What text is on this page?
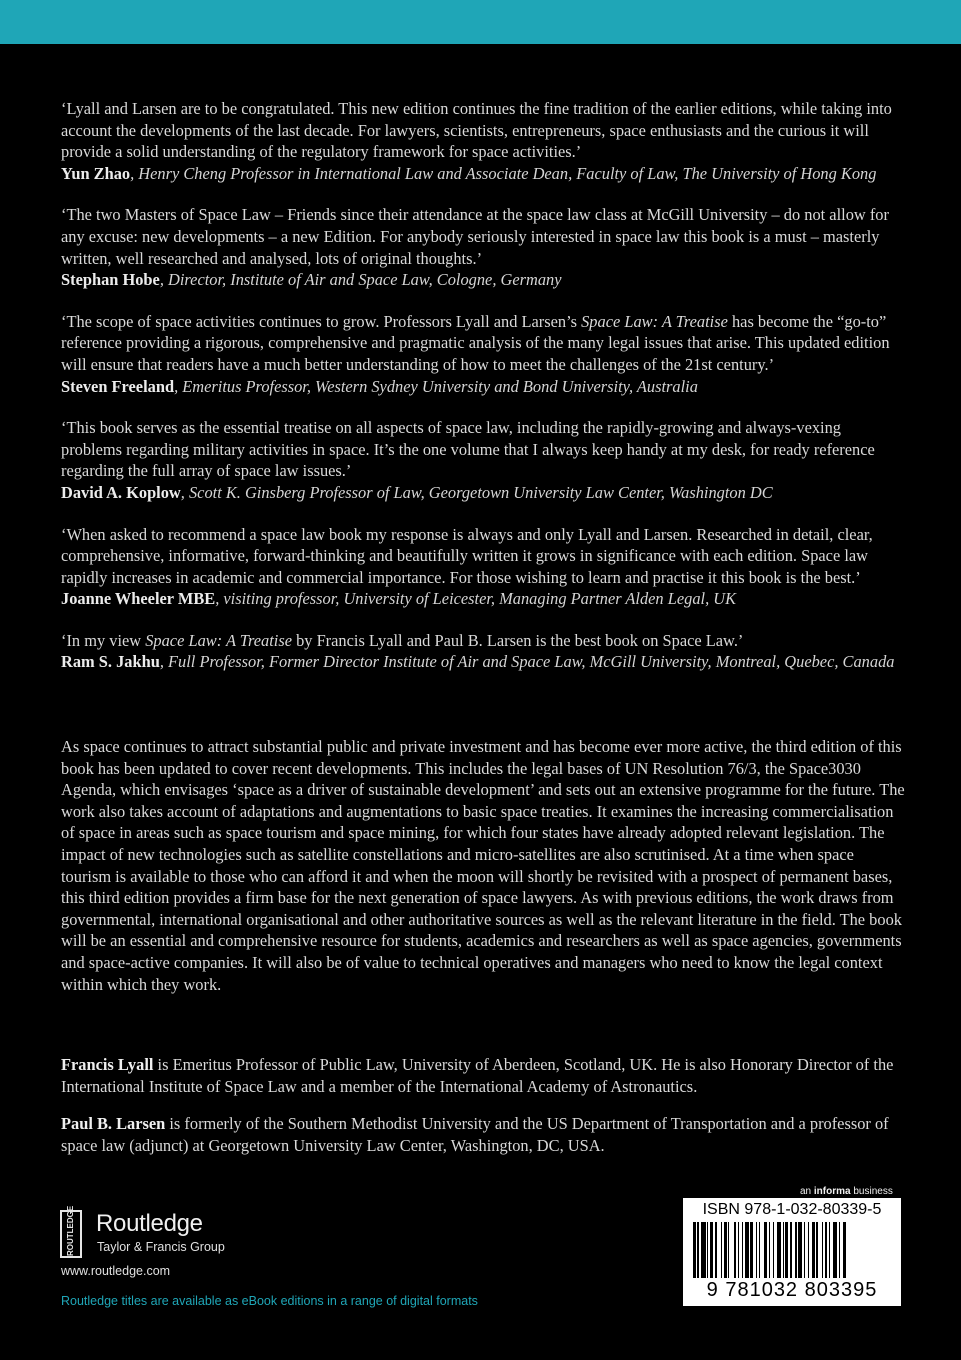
‘Lyall and Larsen are to be congratulated. This new edition continues the fine tradition of the earlier editions, while taking into account the developments of the last decade. For lawyers, scientists, entrepreneurs, space enthusiasts and the curious it will provide a solid understanding of the regulatory framework for space activities.’

Yun Zhao, Henry Cheng Professor in International Law and Associate Dean, Faculty of Law, The University of Hong Kong

‘The two Masters of Space Law – Friends since their attendance at the space law class at McGill University – do not allow for any excuse: new developments – a new Edition. For anybody seriously interested in space law this book is a must – masterly written, well researched and analysed, lots of original thoughts.’

Stephan Hobe, Director, Institute of Air and Space Law, Cologne, Germany

‘The scope of space activities continues to grow. Professors Lyall and Larsen’s Space Law: A Treatise has become the “go-to” reference providing a rigorous, comprehensive and pragmatic analysis of the many legal issues that arise. This updated edition will ensure that readers have a much better understanding of how to meet the challenges of the 21st century.’

Steven Freeland, Emeritus Professor, Western Sydney University and Bond University, Australia

‘This book serves as the essential treatise on all aspects of space law, including the rapidly-growing and always-vexing problems regarding military activities in space. It’s the one volume that I always keep handy at my desk, for ready reference regarding the full array of space law issues.’

David A. Koplow, Scott K. Ginsberg Professor of Law, Georgetown University Law Center, Washington DC

‘When asked to recommend a space law book my response is always and only Lyall and Larsen. Researched in detail, clear, comprehensive, informative, forward-thinking and beautifully written it grows in significance with each edition. Space law rapidly increases in academic and commercial importance. For those wishing to learn and practise it this book is the best.’

Joanne Wheeler MBE, visiting professor, University of Leicester, Managing Partner Alden Legal, UK

‘In my view Space Law: A Treatise by Francis Lyall and Paul B. Larsen is the best book on Space Law.’

Ram S. Jakhu, Full Professor, Former Director Institute of Air and Space Law, McGill University, Montreal, Quebec, Canada

As space continues to attract substantial public and private investment and has become ever more active, the third edition of this book has been updated to cover recent developments. This includes the legal bases of UN Resolution 76/3, the Space3030 Agenda, which envisages ‘space as a driver of sustainable development’ and sets out an extensive programme for the future. The work also takes account of adaptations and augmentations to basic space treaties. It examines the increasing commercialisation of space in areas such as space tourism and space mining, for which four states have already adopted relevant legislation. The impact of new technologies such as satellite constellations and micro-satellites are also scrutinised. At a time when space tourism is available to those who can afford it and when the moon will shortly be revisited with a prospect of permanent bases, this third edition provides a firm base for the next generation of space lawyers. As with previous editions, the work draws from governmental, international organisational and other authoritative sources as well as the relevant literature in the field. The book will be an essential and comprehensive resource for students, academics and researchers as well as space agencies, governments and space-active companies. It will also be of value to technical operatives and managers who need to know the legal context within which they work.

Francis Lyall is Emeritus Professor of Public Law, University of Aberdeen, Scotland, UK. He is also Honorary Director of the International Institute of Space Law and a member of the International Academy of Astronautics.

Paul B. Larsen is formerly of the Southern Methodist University and the US Department of Transportation and a professor of space law (adjunct) at Georgetown University Law Center, Washington, DC, USA.

ROUTLEDGE Routledge
Taylor & Francis Group
www.routledge.com
Routledge titles are available as eBook editions in a range of digital formats
an informa business
ISBN 978-1-032-80339-5
9 781032 803395
